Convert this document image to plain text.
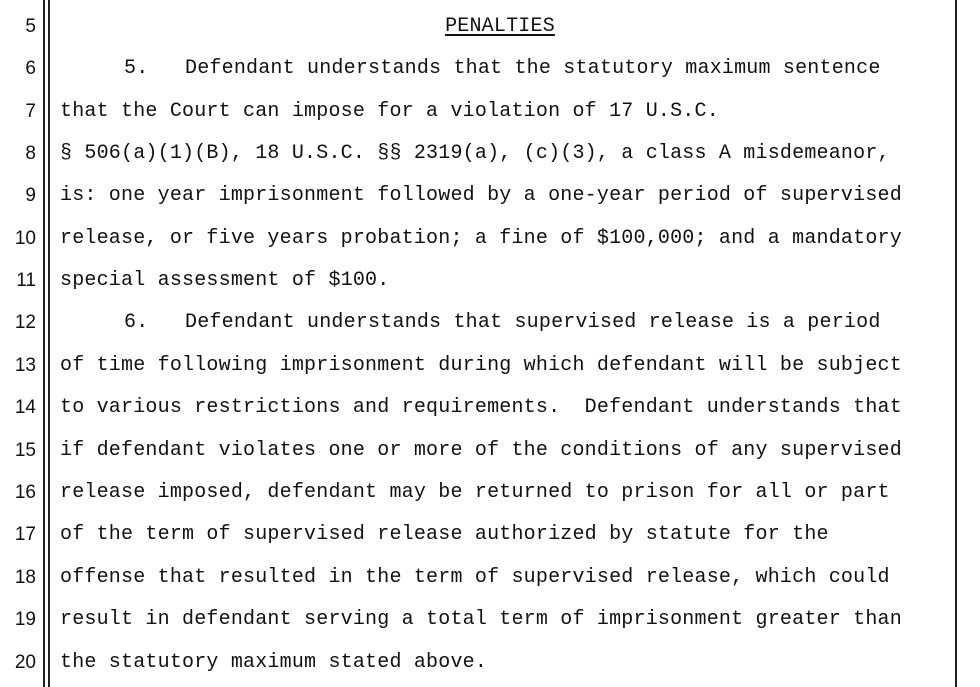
5
6
7
8
9
10
11
12
13
14
15
16
17
18
19
20
PENALTIES
5.   Defendant understands that the statutory maximum sentence
that the Court can impose for a violation of 17 U.S.C.
§ 506(a)(1)(B), 18 U.S.C. §§ 2319(a), (c)(3), a class A misdemeanor,
is: one year imprisonment followed by a one-year period of supervised
release, or five years probation; a fine of $100,000; and a mandatory
special assessment of $100.
6.   Defendant understands that supervised release is a period
of time following imprisonment during which defendant will be subject
to various restrictions and requirements.  Defendant understands that
if defendant violates one or more of the conditions of any supervised
release imposed, defendant may be returned to prison for all or part
of the term of supervised release authorized by statute for the
offense that resulted in the term of supervised release, which could
result in defendant serving a total term of imprisonment greater than
the statutory maximum stated above.
